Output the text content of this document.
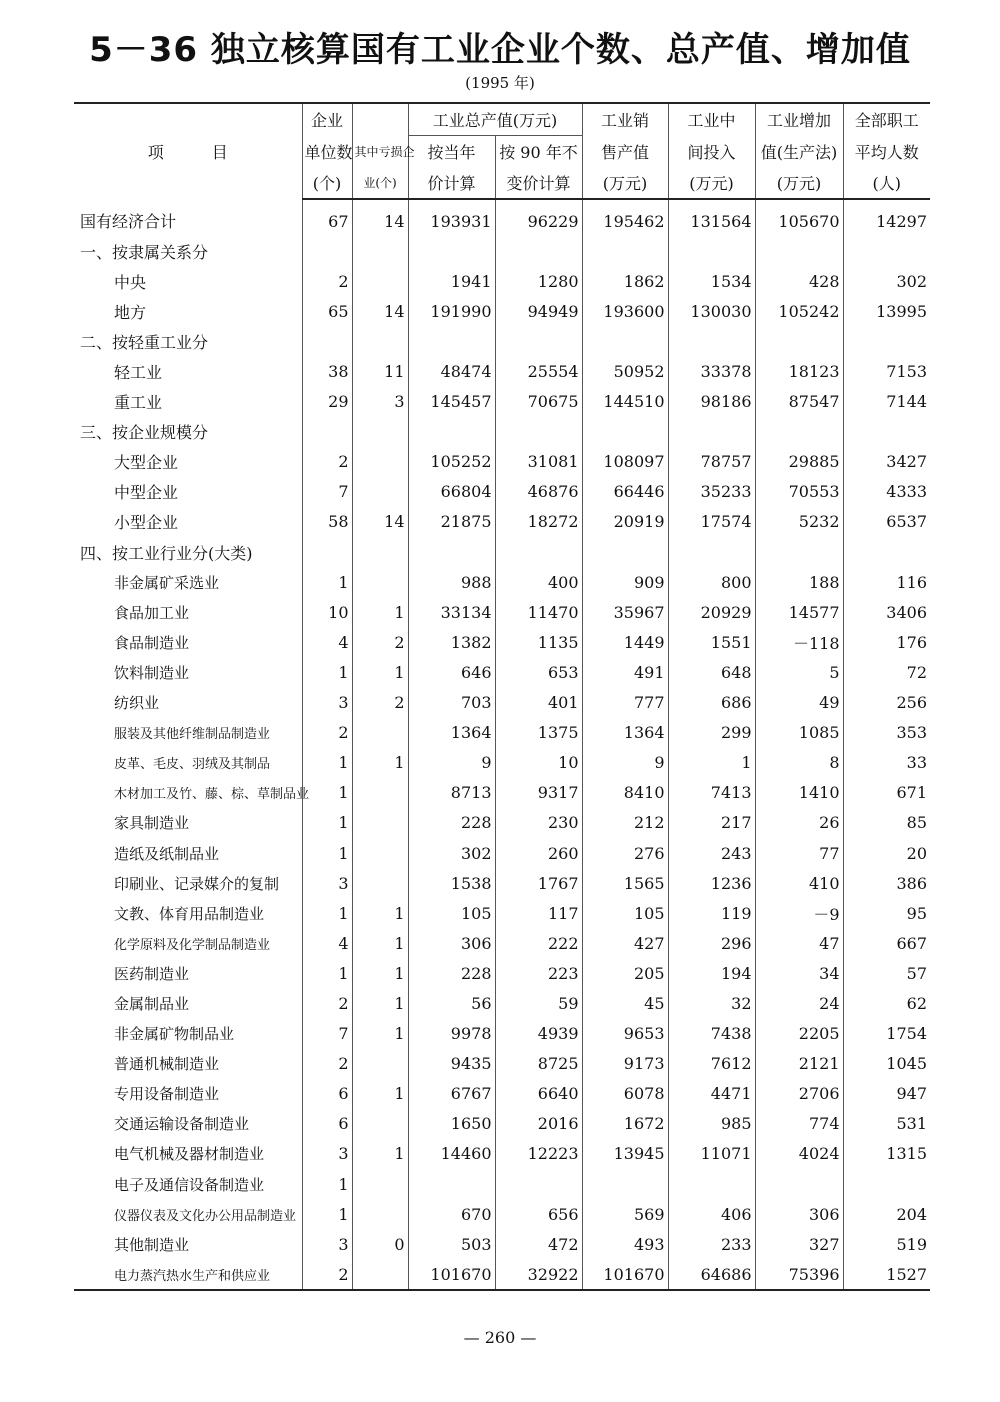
5－36 独立核算国有工业企业个数、总产值、增加值
(1995 年)
项　　　目	企业		工业总产值(万元)		工业销	工业中	工业增加	全部职工
	单位数	其中亏损企	按当年	按 90 年不	售产值	间投入	值(生产法)	平均人数
	(个)	业(个)	价计算	变价计算	(万元)	(万元)	(万元)	(人)
国有经济合计	67	14	193931	96229	195462	131564	105670	14297
一、按隶属关系分								
中央	2		1941	1280	1862	1534	428	302
地方	65	14	191990	94949	193600	130030	105242	13995
二、按轻重工业分								
轻工业	38	11	48474	25554	50952	33378	18123	7153
重工业	29	3	145457	70675	144510	98186	87547	7144
三、按企业规模分								
大型企业	2		105252	31081	108097	78757	29885	3427
中型企业	7		66804	46876	66446	35233	70553	4333
小型企业	58	14	21875	18272	20919	17574	5232	6537
四、按工业行业分(大类)								
非金属矿采选业	1		988	400	909	800	188	116
食品加工业	10	1	33134	11470	35967	20929	14577	3406
食品制造业	4	2	1382	1135	1449	1551	－118	176
饮料制造业	1	1	646	653	491	648	5	72
纺织业	3	2	703	401	777	686	49	256
服装及其他纤维制品制造业	2		1364	1375	1364	299	1085	353
皮革、毛皮、羽绒及其制品	1	1	9	10	9	1	8	33
木材加工及竹、藤、棕、草制品业	1		8713	9317	8410	7413	1410	671
家具制造业	1		228	230	212	217	26	85
造纸及纸制品业	1		302	260	276	243	77	20
印刷业、记录媒介的复制	3		1538	1767	1565	1236	410	386
文教、体育用品制造业	1	1	105	117	105	119	－9	95
化学原料及化学制品制造业	4	1	306	222	427	296	47	667
医药制造业	1	1	228	223	205	194	34	57
金属制品业	2	1	56	59	45	32	24	62
非金属矿物制品业	7	1	9978	4939	9653	7438	2205	1754
普通机械制造业	2		9435	8725	9173	7612	2121	1045
专用设备制造业	6	1	6767	6640	6078	4471	2706	947
交通运输设备制造业	6		1650	2016	1672	985	774	531
电气机械及器材制造业	3	1	14460	12223	13945	11071	4024	1315
电子及通信设备制造业	1							
仪器仪表及文化办公用品制造业	1		670	656	569	406	306	204
其他制造业	3	0	503	472	493	233	327	519
电力蒸汽热水生产和供应业	2		101670	32922	101670	64686	75396	1527
— 260 —
